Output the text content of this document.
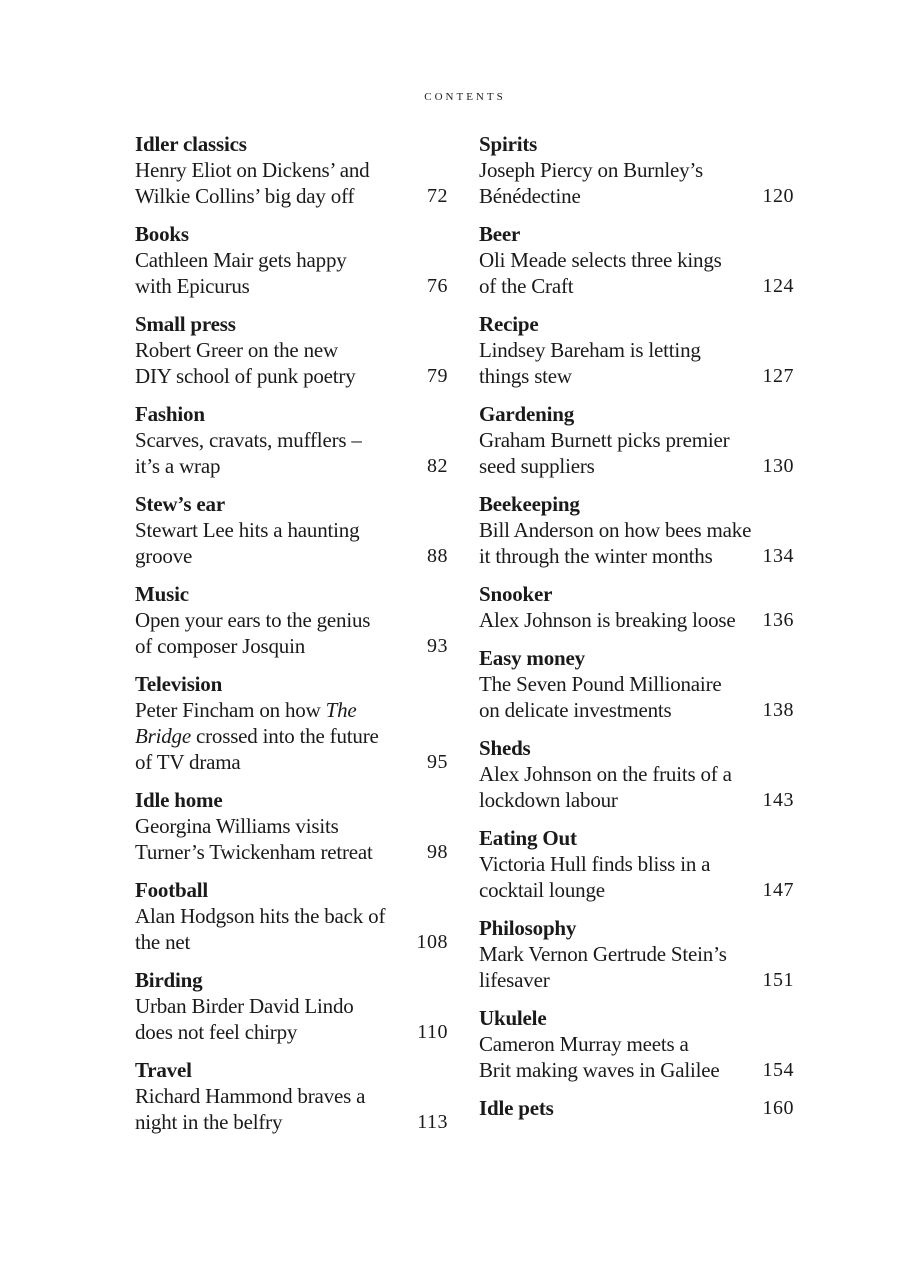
contents
Idler classics
Henry Eliot on Dickens’ and
Wilkie Collins’ big day off	72
Books
Cathleen Mair gets happy
with Epicurus	76
Small press
Robert Greer on the new
DIY school of punk poetry	79
Fashion
Scarves, cravats, mufflers –
it’s a wrap	82
Stew’s ear
Stewart Lee hits a haunting
groove	88
Music
Open your ears to the genius
of composer Josquin	93
Television
Peter Fincham on how The
Bridge crossed into the future
of TV drama	95
Idle home
Georgina Williams visits
Turner’s Twickenham retreat	98
Football
Alan Hodgson hits the back of
the net	108
Birding
Urban Birder David Lindo
does not feel chirpy	110
Travel
Richard Hammond braves a
night in the belfry	113
Spirits
Joseph Piercy on Burnley’s
Bénédectine	120
Beer
Oli Meade selects three kings
of the Craft	124
Recipe
Lindsey Bareham is letting
things stew	127
Gardening
Graham Burnett picks premier
seed suppliers	130
Beekeeping
Bill Anderson on how bees make
it through the winter months	134
Snooker
Alex Johnson is breaking loose	136
Easy money
The Seven Pound Millionaire
on delicate investments	138
Sheds
Alex Johnson on the fruits of a
lockdown labour	143
Eating Out
Victoria Hull finds bliss in a
cocktail lounge	147
Philosophy
Mark Vernon Gertrude Stein’s
lifesaver	151
Ukulele
Cameron Murray meets a
Brit making waves in Galilee	154
Idle pets	160
